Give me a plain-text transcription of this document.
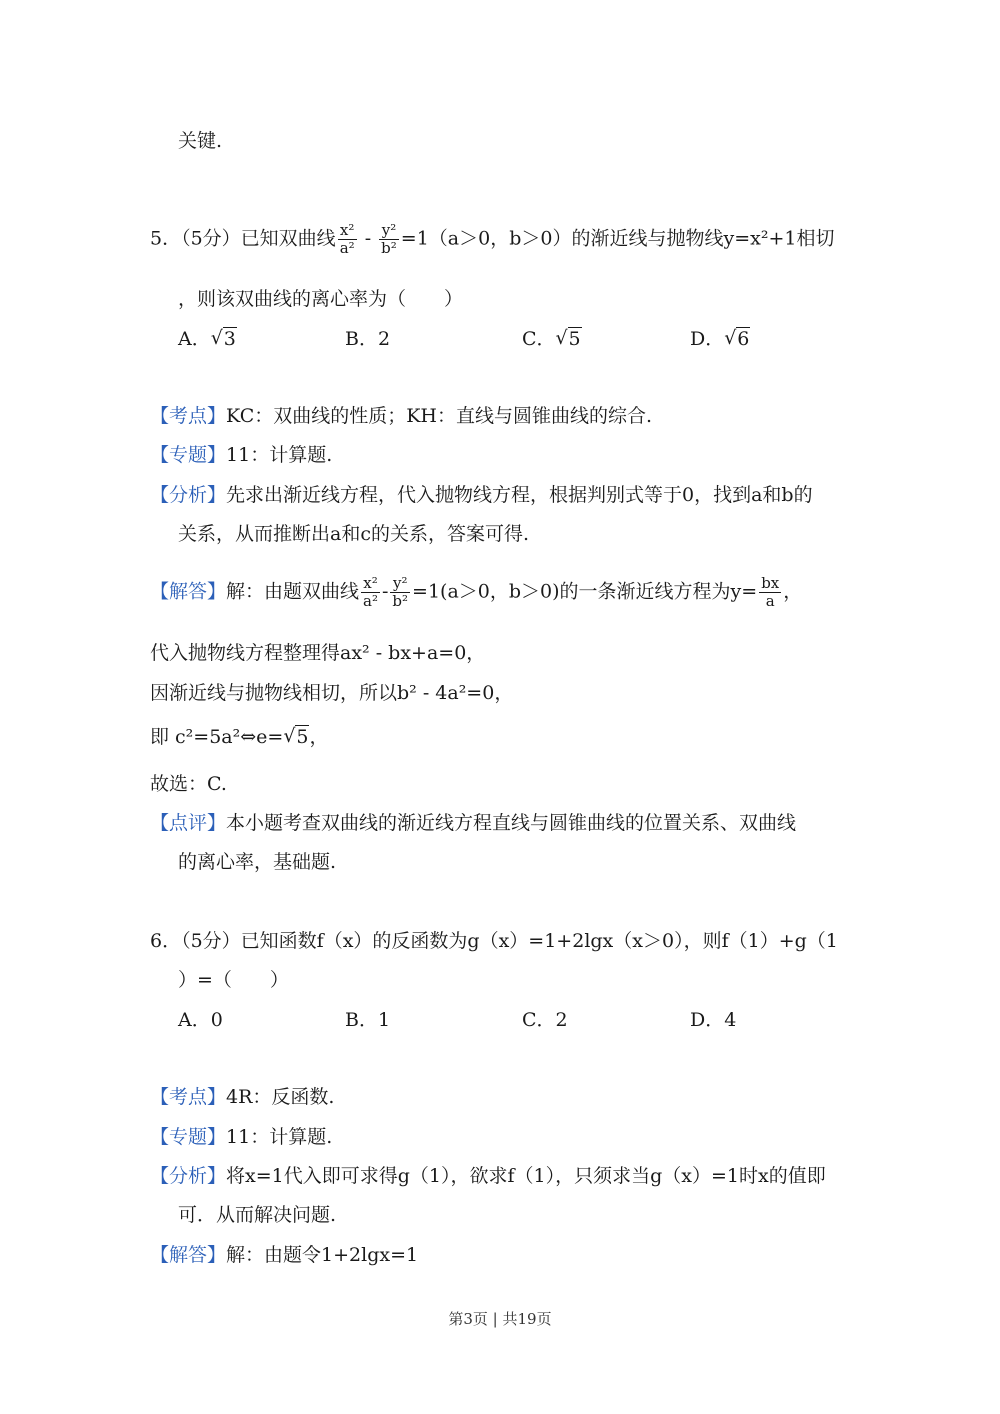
关键.
5．（5分）已知双曲线 $\frac{\text{x²}}{\text{a²}} - \frac{\text{y²}}{\text{b²}} =1(a>0$，b＞0）的渐近线与抛物线y=x²+1相切
，则该双曲线的离心率为（　　）
A． √ 3	B．2	C． √ 5	D． √ 6
【考点】KC：双曲线的性质；KH：直线与圆锥曲线的综合.
【专题】11：计算题.
【分析】先求出渐近线方程，代入抛物线方程，根据判别式等于0，找到a和b的
关系，从而推断出a和c的关系，答案可得.
【解答】解：由题双曲线 $\frac{\text{x²}}{\text{a²}} - \frac{\text{y²}}{\text{b²}} =1(a>0$，b＞0)的一条渐近线方程为$y= \frac{bx}{a}$ ，
代入抛物线方程整理得ax² - bx+a=0，
因渐近线与抛物线相切，所以b² - 4a²=0，
即 c²=5a²⇔e= √ 5，
故选：C.
【点评】本小题考查双曲线的渐近线方程直线与圆锥曲线的位置关系、双曲线
的离心率，基础题.
6．（5分）已知函数f（x）的反函数为g（x）=1+2lgx（x＞0），则f（1）+g（1
）=（　　）
A．0	B．1	C．2	D．4
【考点】4R：反函数.
【专题】11：计算题.
【分析】将x=1代入即可求得g（1），欲求f（1），只须求当g（x）=1时x的值即
可．从而解决问题.
【解答】解：由题令1+2lgx=1
第3页 | 共19页
